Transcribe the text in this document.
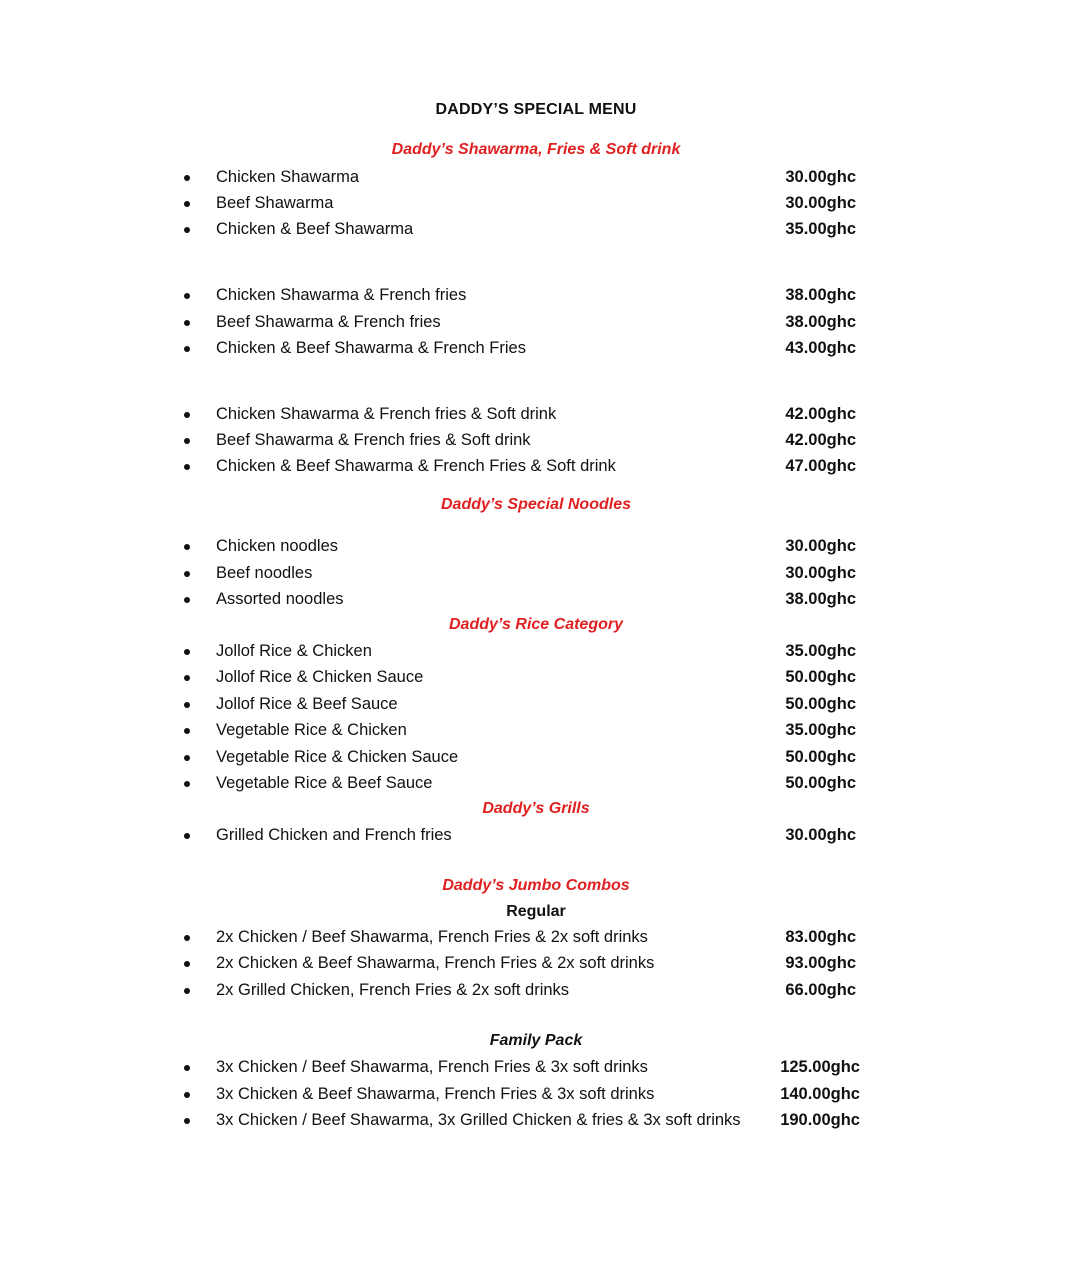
DADDY’S SPECIAL MENU
Daddy’s Shawarma, Fries & Soft drink
Chicken Shawarma	30.00ghc
Beef Shawarma	30.00ghc
Chicken & Beef Shawarma	35.00ghc
Chicken Shawarma & French fries	38.00ghc
Beef Shawarma & French fries	38.00ghc
Chicken & Beef Shawarma & French Fries	43.00ghc
Chicken Shawarma & French fries & Soft drink	42.00ghc
Beef Shawarma & French fries & Soft drink	42.00ghc
Chicken & Beef Shawarma & French Fries & Soft drink	47.00ghc
Daddy’s Special Noodles
Chicken noodles	30.00ghc
Beef noodles	30.00ghc
Assorted noodles	38.00ghc
Daddy’s Rice Category
Jollof Rice & Chicken	35.00ghc
Jollof Rice & Chicken Sauce	50.00ghc
Jollof Rice & Beef Sauce	50.00ghc
Vegetable Rice & Chicken	35.00ghc
Vegetable Rice & Chicken Sauce	50.00ghc
Vegetable Rice & Beef Sauce	50.00ghc
Daddy’s Grills
Grilled Chicken and French fries	30.00ghc
Daddy’s Jumbo Combos
Regular
2x Chicken / Beef Shawarma, French Fries & 2x soft drinks	83.00ghc
2x Chicken & Beef Shawarma, French Fries & 2x soft drinks	93.00ghc
2x Grilled Chicken, French Fries & 2x soft drinks	66.00ghc
Family Pack
3x Chicken / Beef Shawarma, French Fries & 3x soft drinks	125.00ghc
3x Chicken & Beef Shawarma, French Fries & 3x soft drinks	140.00ghc
3x Chicken / Beef Shawarma, 3x Grilled Chicken & fries & 3x soft drinks	190.00ghc
